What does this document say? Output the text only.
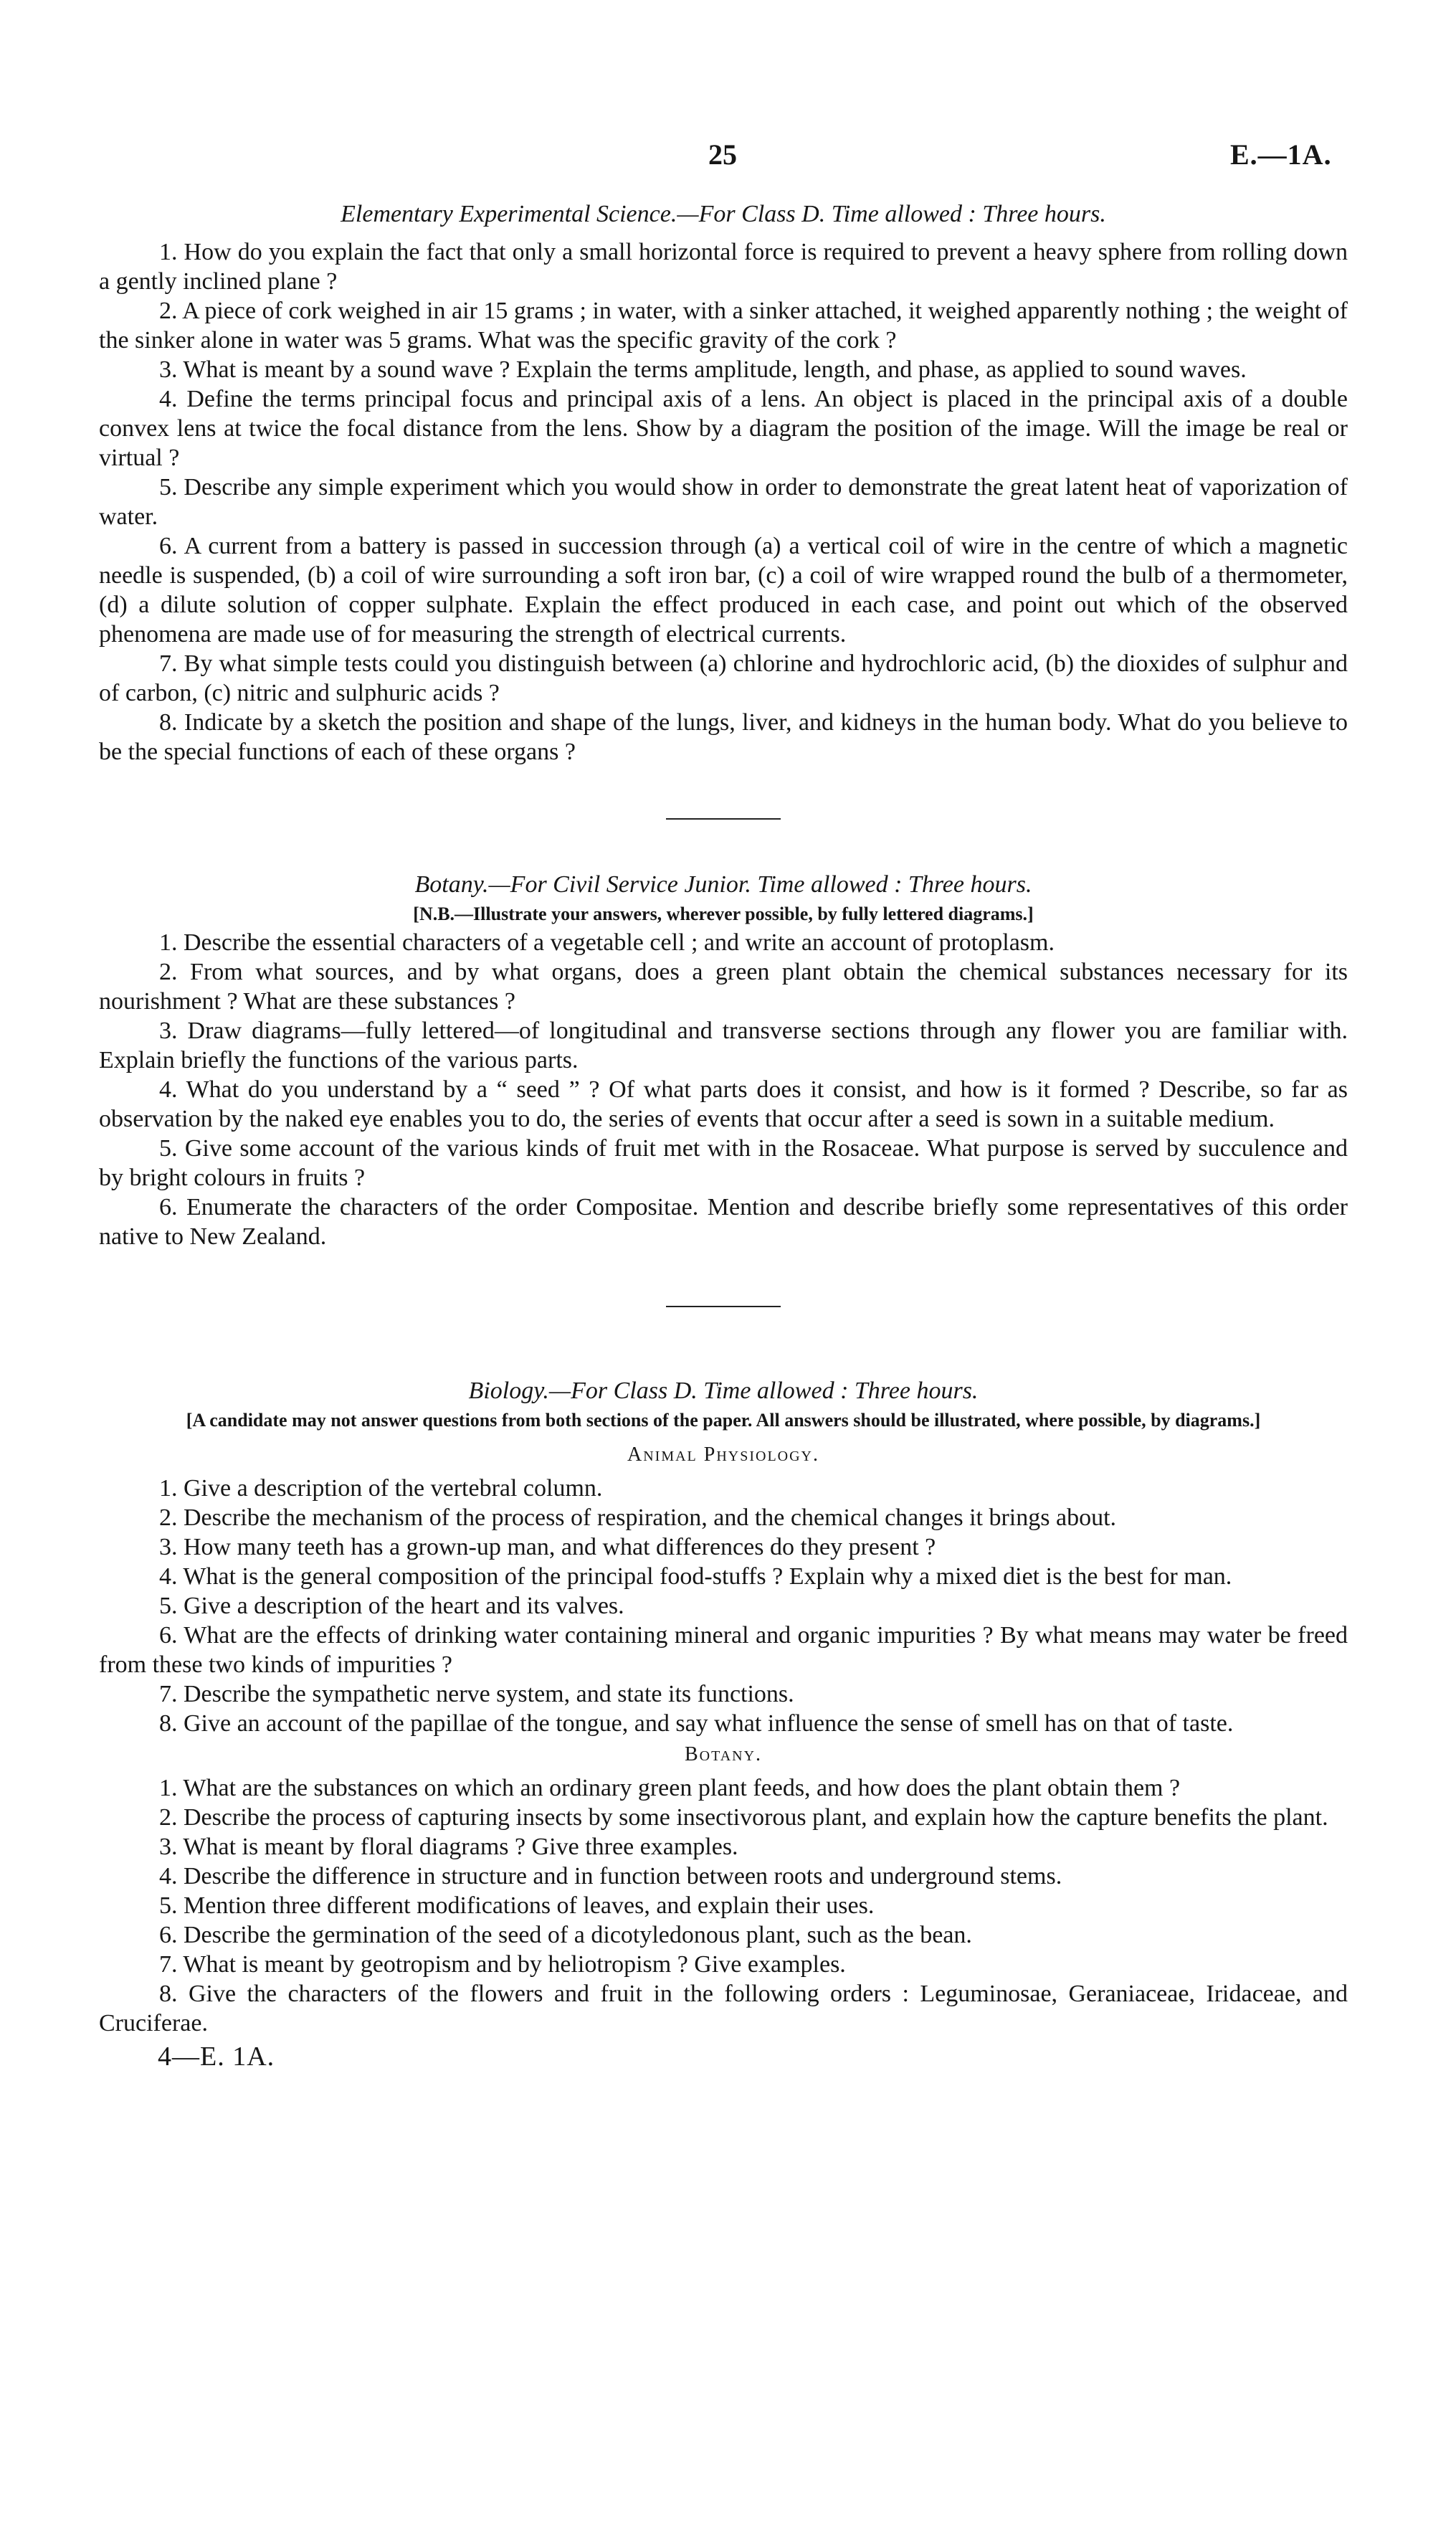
25	E.—1A.

Elementary Experimental Science.—For Class D. Time allowed : Three hours.

1. How do you explain the fact that only a small horizontal force is required to prevent a heavy sphere from rolling down a gently inclined plane ?

2. A piece of cork weighed in air 15 grams ; in water, with a sinker attached, it weighed apparently nothing ; the weight of the sinker alone in water was 5 grams. What was the specific gravity of the cork ?

3. What is meant by a sound wave ? Explain the terms amplitude, length, and phase, as applied to sound waves.

4. Define the terms principal focus and principal axis of a lens. An object is placed in the principal axis of a double convex lens at twice the focal distance from the lens. Show by a diagram the position of the image. Will the image be real or virtual ?

5. Describe any simple experiment which you would show in order to demonstrate the great latent heat of vaporization of water.

6. A current from a battery is passed in succession through (a) a vertical coil of wire in the centre of which a magnetic needle is suspended, (b) a coil of wire surrounding a soft iron bar, (c) a coil of wire wrapped round the bulb of a thermometer, (d) a dilute solution of copper sulphate. Explain the effect produced in each case, and point out which of the observed phenomena are made use of for measuring the strength of electrical currents.

7. By what simple tests could you distinguish between (a) chlorine and hydrochloric acid, (b) the dioxides of sulphur and of carbon, (c) nitric and sulphuric acids ?

8. Indicate by a sketch the position and shape of the lungs, liver, and kidneys in the human body. What do you believe to be the special functions of each of these organs ?

Botany.—For Civil Service Junior. Time allowed : Three hours.

[N.B.—Illustrate your answers, wherever possible, by fully lettered diagrams.]

1. Describe the essential characters of a vegetable cell ; and write an account of protoplasm.

2. From what sources, and by what organs, does a green plant obtain the chemical substances necessary for its nourishment ? What are these substances ?

3. Draw diagrams—fully lettered—of longitudinal and transverse sections through any flower you are familiar with. Explain briefly the functions of the various parts.

4. What do you understand by a “ seed ” ? Of what parts does it consist, and how is it formed ? Describe, so far as observation by the naked eye enables you to do, the series of events that occur after a seed is sown in a suitable medium.

5. Give some account of the various kinds of fruit met with in the Rosaceae. What purpose is served by succulence and by bright colours in fruits ?

6. Enumerate the characters of the order Compositae. Mention and describe briefly some representatives of this order native to New Zealand.

Biology.—For Class D. Time allowed : Three hours.

[A candidate may not answer questions from both sections of the paper. All answers should be illustrated, where possible, by diagrams.]

Animal Physiology.

1. Give a description of the vertebral column.

2. Describe the mechanism of the process of respiration, and the chemical changes it brings about.

3. How many teeth has a grown-up man, and what differences do they present ?

4. What is the general composition of the principal food-stuffs ? Explain why a mixed diet is the best for man.

5. Give a description of the heart and its valves.

6. What are the effects of drinking water containing mineral and organic impurities ? By what means may water be freed from these two kinds of impurities ?

7. Describe the sympathetic nerve system, and state its functions.

8. Give an account of the papillae of the tongue, and say what influence the sense of smell has on that of taste.

Botany.

1. What are the substances on which an ordinary green plant feeds, and how does the plant obtain them ?

2. Describe the process of capturing insects by some insectivorous plant, and explain how the capture benefits the plant.

3. What is meant by floral diagrams ? Give three examples.

4. Describe the difference in structure and in function between roots and underground stems.

5. Mention three different modifications of leaves, and explain their uses.

6. Describe the germination of the seed of a dicotyledonous plant, such as the bean.

7. What is meant by geotropism and by heliotropism ? Give examples.

8. Give the characters of the flowers and fruit in the following orders : Leguminosae, Geraniaceae, Iridaceae, and Cruciferae.

4—E. 1A.
